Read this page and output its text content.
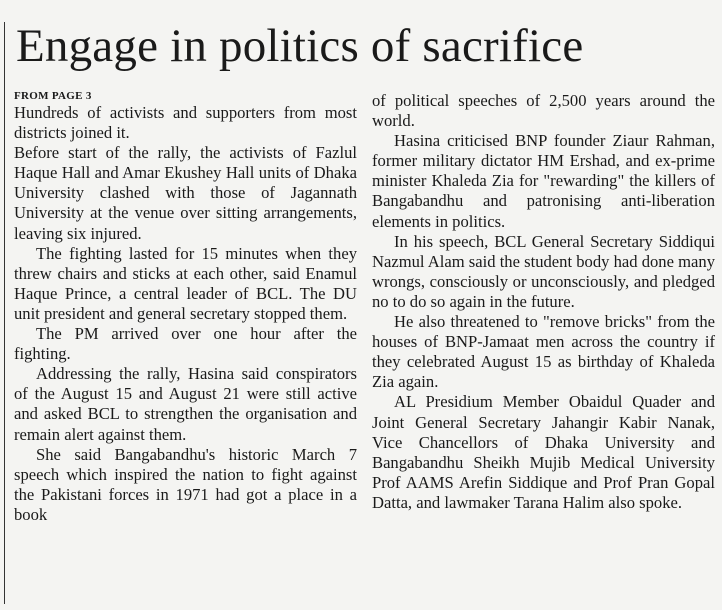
Engage in politics of sacrifice
FROM PAGE 3

Hundreds of activists and supporters from most districts joined it.

Before start of the rally, the activists of Fazlul Haque Hall and Amar Ekushey Hall units of Dhaka University clashed with those of Jagannath University at the venue over sitting arrangements, leaving six injured.

The fighting lasted for 15 minutes when they threw chairs and sticks at each other, said Enamul Haque Prince, a central leader of BCL. The DU unit president and general secretary stopped them.

The PM arrived over one hour after the fighting.

Addressing the rally, Hasina said conspirators of the August 15 and August 21 were still active and asked BCL to strengthen the organisation and remain alert against them.

She said Bangabandhu's historic March 7 speech which inspired the nation to fight against the Pakistani forces in 1971 had got a place in a book

of political speeches of 2,500 years around the world.

Hasina criticised BNP founder Ziaur Rahman, former military dictator HM Ershad, and ex-prime minister Khaleda Zia for "rewarding" the killers of Bangabandhu and patronising anti-liberation elements in politics.

In his speech, BCL General Secretary Siddiqui Nazmul Alam said the student body had done many wrongs, consciously or unconsciously, and pledged no to do so again in the future.

He also threatened to "remove bricks" from the houses of BNP-Jamaat men across the country if they celebrated August 15 as birthday of Khaleda Zia again.

AL Presidium Member Obaidul Quader and Joint General Secretary Jahangir Kabir Nanak, Vice Chancellors of Dhaka University and Bangabandhu Sheikh Mujib Medical University Prof AAMS Arefin Siddique and Prof Pran Gopal Datta, and lawmaker Tarana Halim also spoke.
